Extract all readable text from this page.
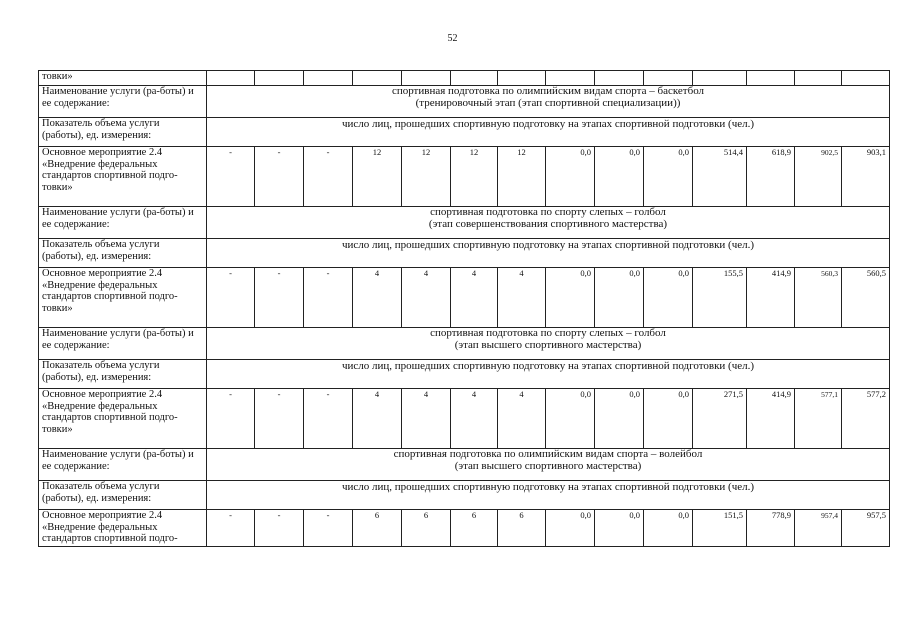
52
товки»														
Наименование услуги (ра-боты) и ее содержание:	спортивная подготовка по олимпийским видам спорта – баскетбол
(тренировочный этап (этап спортивной специализации))													

Показатель объема услуги (работы), ед. измерения:	число лиц, прошедших спортивную подготовку на этапах спортивной подготовки (чел.)													
Основное мероприятие 2.4 «Внедрение федеральных стандартов спортивной подго-товки»	-	-	-	12	12	12	12	0,0	0,0	0,0	514,4	618,9	902,5	903,1
Наименование услуги (ра-боты) и ее содержание:	спортивная подготовка по спорту слепых – голбол
(этап совершенствования спортивного мастерства)													

Показатель объема услуги (работы), ед. измерения:	число лиц, прошедших спортивную подготовку на этапах спортивной подготовки (чел.)													
Основное мероприятие 2.4 «Внедрение федеральных стандартов спортивной подго-товки»	-	-	-	4	4	4	4	0,0	0,0	0,0	155,5	414,9	560,3	560,5
Наименование услуги (ра-боты) и ее содержание:	спортивная подготовка по спорту слепых – голбол
(этап высшего спортивного мастерства)													

Показатель объема услуги (работы), ед. измерения:	число лиц, прошедших спортивную подготовку на этапах спортивной подготовки (чел.)													
Основное мероприятие 2.4 «Внедрение федеральных стандартов спортивной подго-товки»	-	-	-	4	4	4	4	0,0	0,0	0,0	271,5	414,9	577,1	577,2
Наименование услуги (ра-боты) и ее содержание:	спортивная подготовка по олимпийским видам спорта – волейбол
(этап высшего спортивного мастерства)													

Показатель объема услуги (работы), ед. измерения:	число лиц, прошедших спортивную подготовку на этапах спортивной подготовки (чел.)													
Основное мероприятие 2.4 «Внедрение федеральных стандартов спортивной подго-	-	-	-	6	6	6	6	0,0	0,0	0,0	151,5	778,9	957,4	957,5
